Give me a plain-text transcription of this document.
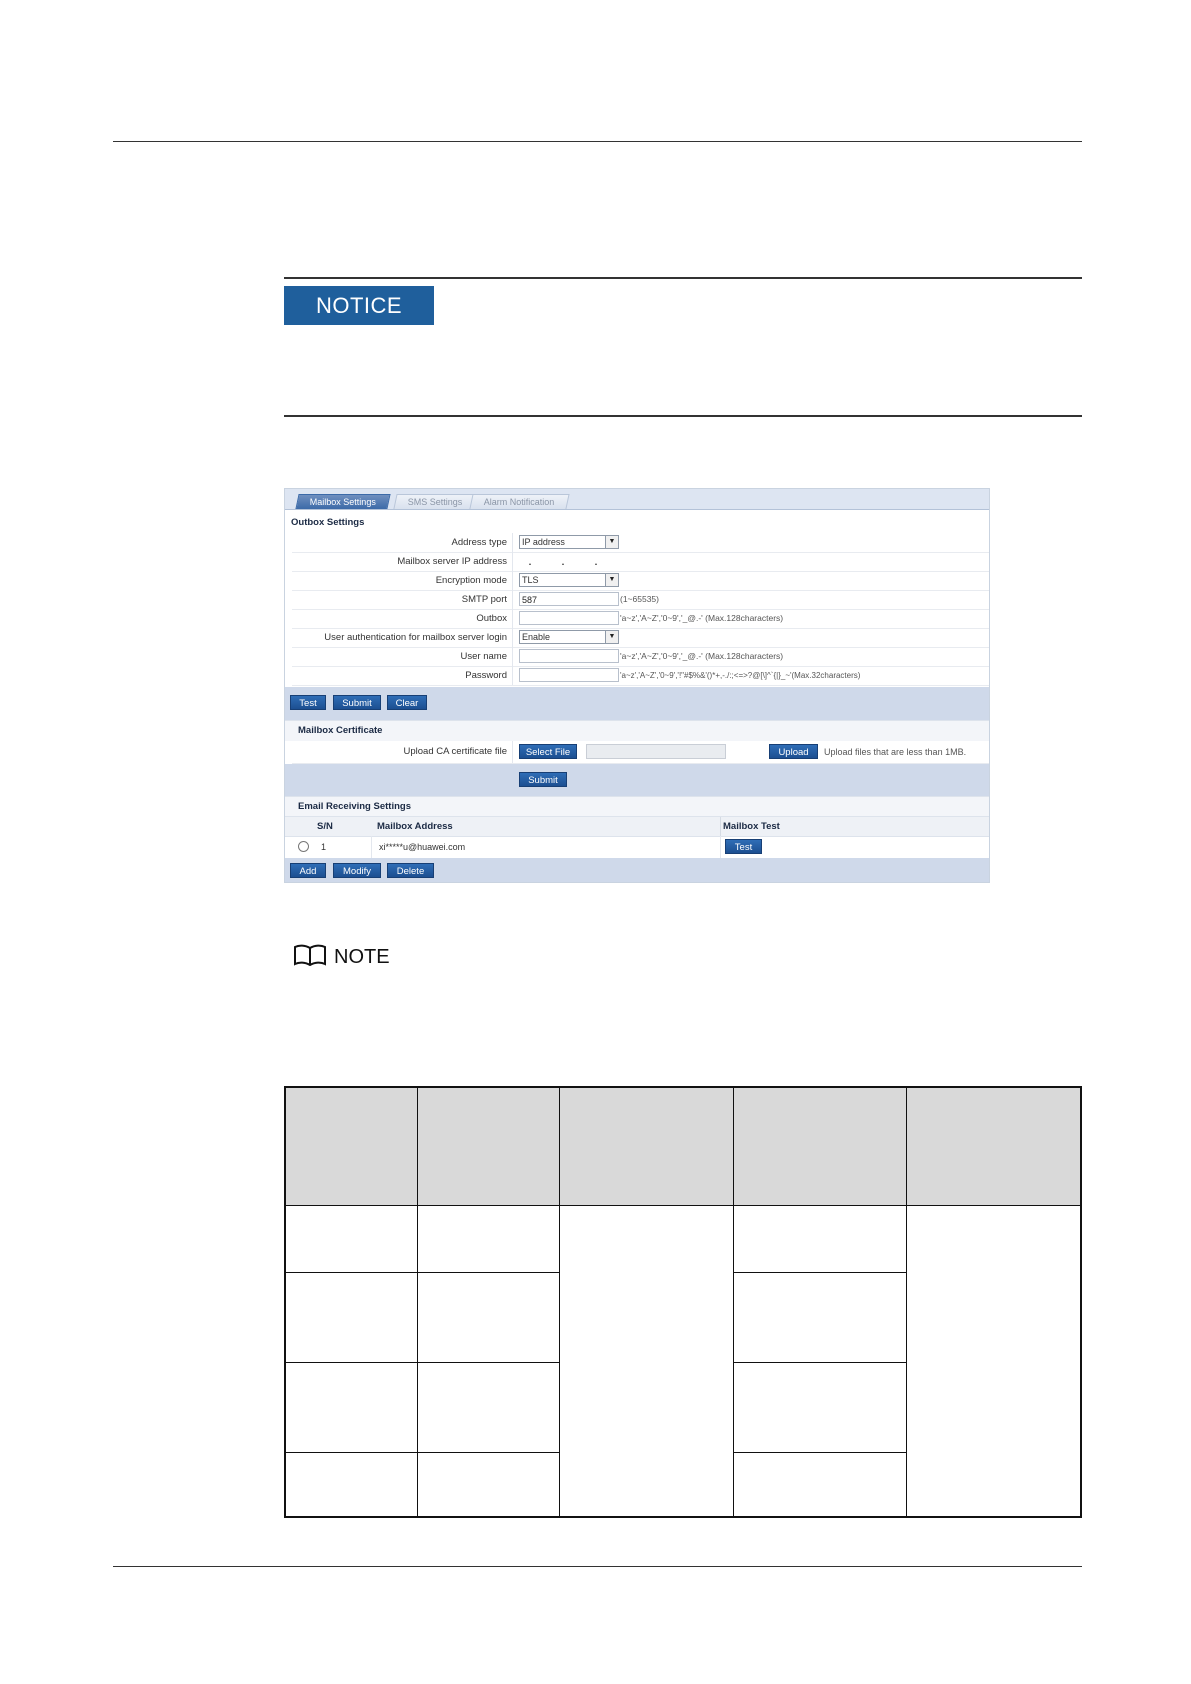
NOTICE
Mailbox Settings	SMS Settings	Alarm Notification
Outbox Settings
Address type	IP address	▼
Mailbox server IP address	. . .
Encryption mode	TLS	▼
SMTP port	587	(1~65535)
Outbox	'a~z','A~Z','0~9','_@.-' (Max.128characters)
User authentication for mailbox server login	Enable	▼
User name	'a~z','A~Z','0~9','_@.-' (Max.128characters)
Password	'a~z','A~Z','0~9','!"#$%&'()*+,-./:;<=>?@[\]^`{|}_~'(Max.32characters)
Test	Submit	Clear
Mailbox Certificate
Upload CA certificate file	Select File	Upload	Upload files that are less than 1MB.
Submit
Email Receiving Settings
S/N	Mailbox Address	Mailbox Test
1	xi*****u@huawei.com	Test
Add	Modify	Delete
NOTE
